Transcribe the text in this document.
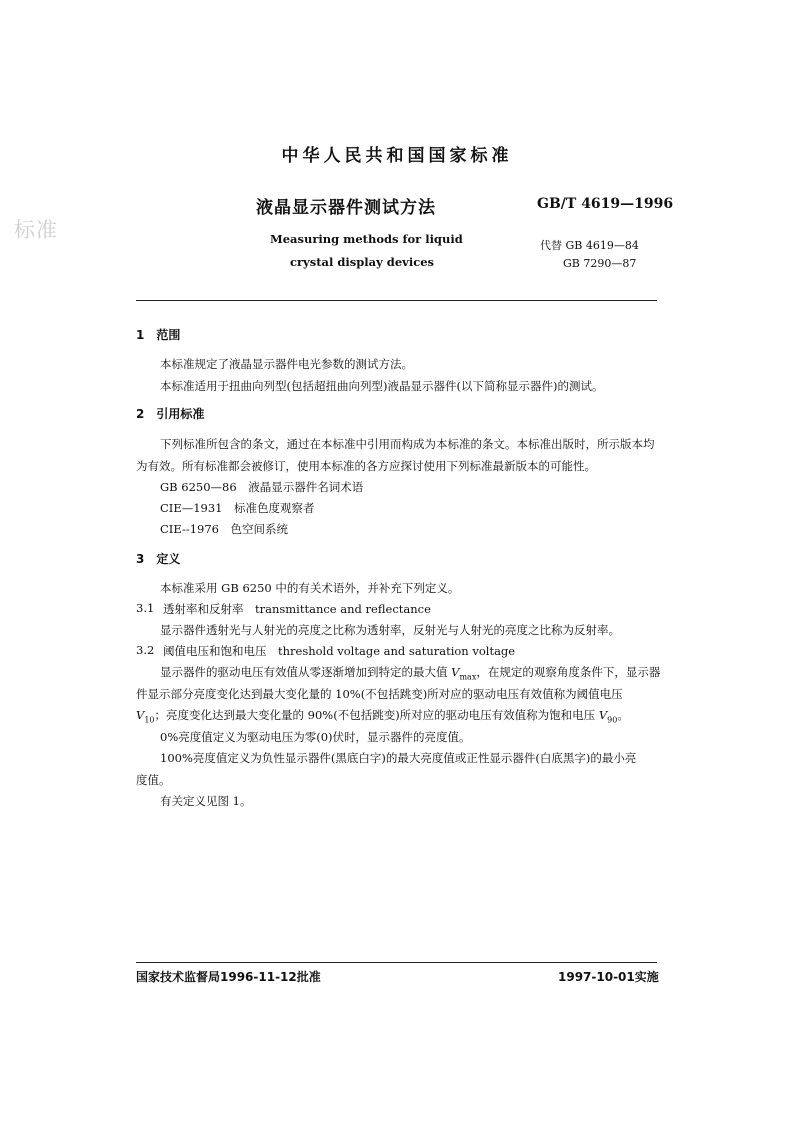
标准
中华人民共和国国家标准
液晶显示器件测试方法	GB/T 4619—1996
Measuring methods for liquid
crystal display devices
代替 GB 4619—84
GB 7290—87
1　范围
本标准规定了液晶显示器件电光参数的测试方法。
本标准适用于扭曲向列型(包括超扭曲向列型)液晶显示器件(以下简称显示器件)的测试。
2　引用标准
下列标准所包含的条文，通过在本标准中引用而构成为本标准的条文。本标准出版时，所示版本均
为有效。所有标准都会被修订，使用本标准的各方应探讨使用下列标准最新版本的可能性。
GB 6250—86　液晶显示器件名词术语
CIE—1931　标准色度观察者
CIE--1976　色空间系统
3　定义
本标准采用 GB 6250 中的有关术语外，并补充下列定义。
3.1 透射率和反射率　transmittance and reflectance
显示器件透射光与人射光的亮度之比称为透射率，反射光与人射光的亮度之比称为反射率。
3.2 阈值电压和饱和电压　threshold voltage and saturation voltage
显示器件的驱动电压有效值从零逐渐增加到特定的最大值 $V_{max}$，在规定的观察角度条件下，显示器
件显示部分亮度变化达到最大变化量的 10%(不包括跳变)所对应的驱动电压有效值称为阈值电压
$V_{10}$；亮度变化达到最大变化量的 90%(不包括跳变)所对应的驱动电压有效值称为饱和电压 $V_{90}$。
0%亮度值定义为驱动电压为零(0)伏时，显示器件的亮度值。
100%亮度值定义为负性显示器件(黑底白字)的最大亮度值或正性显示器件(白底黑字)的最小亮
度值。
有关定义见图 1。
国家技术监督局1996-11-12批准	1997-10-01实施
